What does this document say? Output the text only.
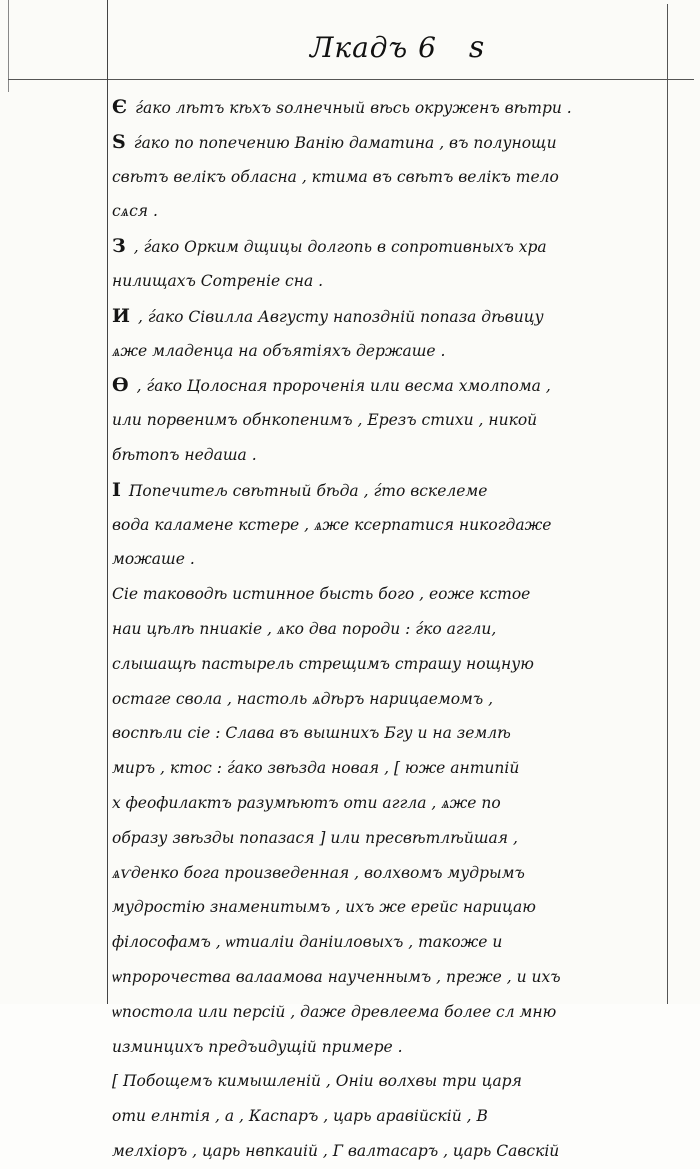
Лкадъ 6 ѕ
Є ѓако лѣтъ кѣхъ ѕолнечный вѣсь окруженъ вѣтри .
Ѕ ѓако по попечению Ванію даматина , въ полунощи
свѣтъ велікъ обласна , ктима въ свѣтъ велікъ тело
сѧся .
З , ѓако Орким дщицы долгопь в сопротивныхъ хра
нилищахъ Сотреніе сна .
И , ѓако Сівилла Августу напоздній попаза дѣвицу
ѧже младенца на объятіяхъ держаше .
Ѳ , ѓако Цолосная пророченія или весма хмолпома ,
или порвенимъ обнкопенимъ , Ерезъ стихи , никой
бѣтопъ недаша .
І Попечитељ свѣтный бѣда , ѓто вскелеме
вода каламене кстере , ѧже ксерпатися никогдаже
можаше .
Сіе таководѣ истинное бысть бого , еоже кстое
наи цѣлѣ пниакіе , ѧко два породи : ѓко аггли,
слышащѣ пастырель стрещимъ страшу нощную
остаге свола , настоль ѧдѣръ нарицаемомъ ,
воспѣли сіе : Слава въ вышнихъ Бгу и на землѣ
миръ , ктос : ѓако звѣзда новая , [ юже антипій
х феофилактъ разумѣютъ оти аггла , ѧже по
образу звѣзды попазася ] или пресвѣтлѣйшая ,
ѧѵденко бога произведенная , волхвомъ мудрымъ
мудростію знаменитымъ , ихъ же ерейс нарицаю
філософамъ , ѡтиаліи даніиловыхъ , такоже и
ѡпророчества валаамова наученнымъ , преже , и ихъ
ѡпостола или персій , даже древлеема более сл мню
изминцихъ предъидущій примере .
[ Побощемъ кимышленій , Оніи волхвы три царя
оти елнтія , а , Каспаръ , царь аравійскій , В
мелхіоръ , царь нвпкаиій , Г валтасаръ , царь Савскій
